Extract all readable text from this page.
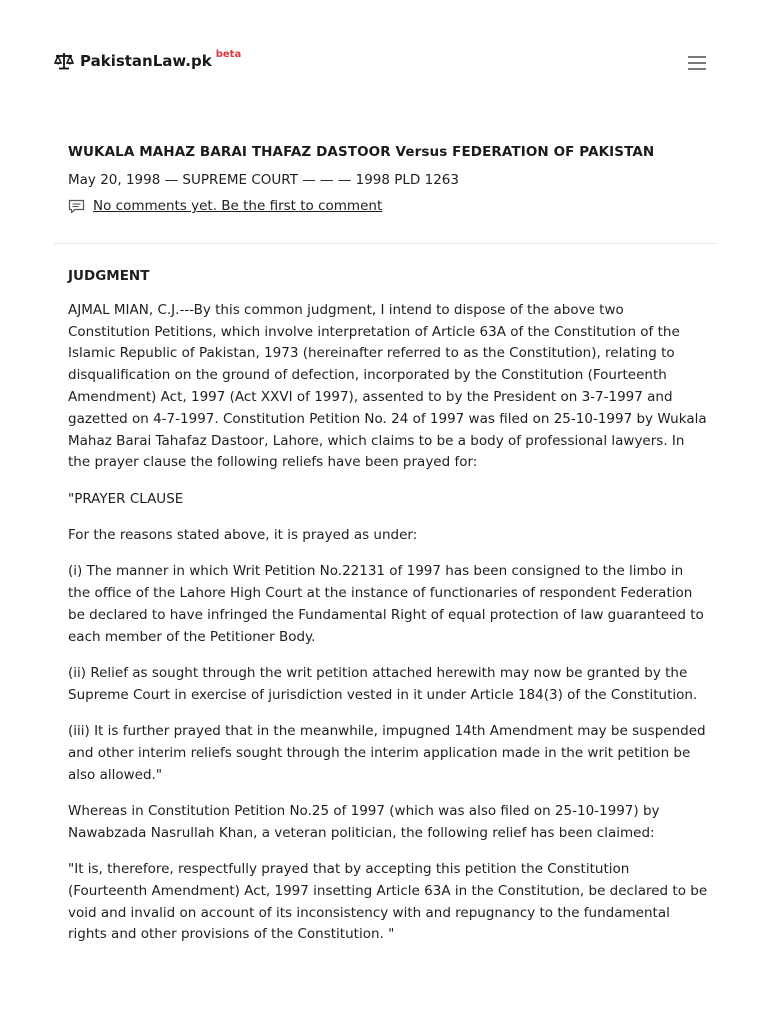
PakistanLaw.pk beta
WUKALA MAHAZ BARAI THAFAZ DASTOOR Versus FEDERATION OF PAKISTAN
May 20, 1998 — SUPREME COURT — — — 1998 PLD 1263
No comments yet. Be the first to comment

JUDGMENT

AJMAL MIAN, C.J.---By this common judgment, I intend to dispose of the above two Constitution Petitions, which involve interpretation of Article 63A of the Constitution of the Islamic Republic of Pakistan, 1973 (hereinafter referred to as the Constitution), relating to disqualification on the ground of defection, incorporated by the Constitution (Fourteenth Amendment) Act, 1997 (Act XXVI of 1997), assented to by the President on 3-7-1997 and gazetted on 4-7-1997. Constitution Petition No. 24 of 1997 was filed on 25-10-1997 by Wukala Mahaz Barai Tahafaz Dastoor, Lahore, which claims to be a body of professional lawyers. In the prayer clause the following reliefs have been prayed for:

"PRAYER CLAUSE

For the reasons stated above, it is prayed as under:

(i) The manner in which Writ Petition No.22131 of 1997 has been consigned to the limbo in the office of the Lahore High Court at the instance of functionaries of respondent Federation be declared to have infringed the Fundamental Right of equal protection of law guaranteed to each member of the Petitioner Body.

(ii) Relief as sought through the writ petition attached herewith may now be granted by the Supreme Court in exercise of jurisdiction vested in it under Article 184(3) of the Constitution.

(iii) It is further prayed that in the meanwhile, impugned 14th Amendment may be suspended and other interim reliefs sought through the interim application made in the writ petition be also allowed."

Whereas in Constitution Petition No.25 of 1997 (which was also filed on 25-10-1997) by Nawabzada Nasrullah Khan, a veteran politician, the following relief has been claimed:

"It is, therefore, respectfully prayed that by accepting this petition the Constitution (Fourteenth Amendment) Act, 1997 insetting Article 63A in the Constitution, be declared to be void and invalid on account of its inconsistency with and repugnancy to the fundamental rights and other provisions of the Constitution. "
